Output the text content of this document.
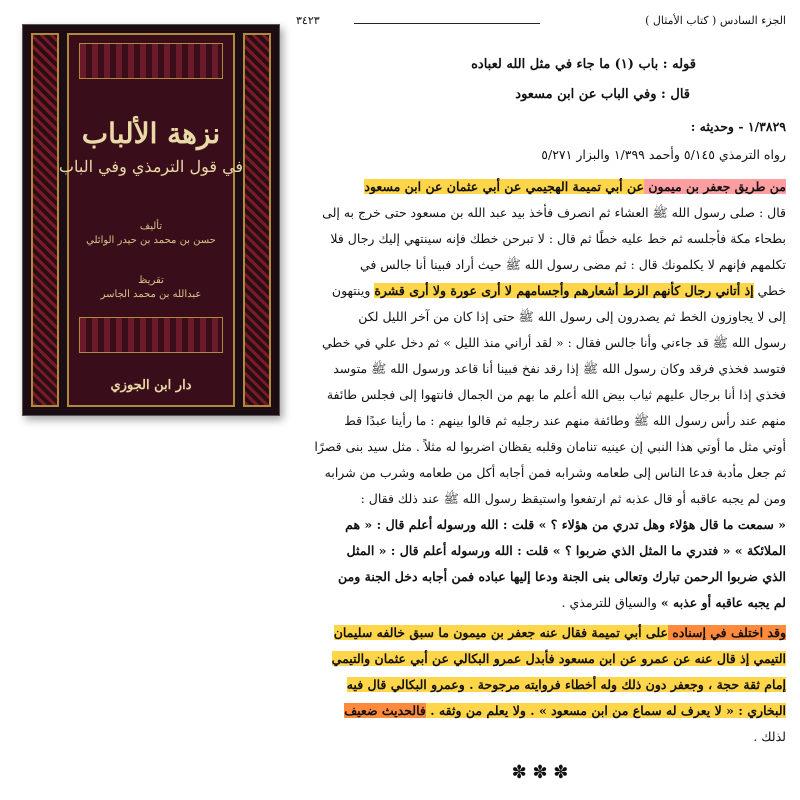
نزهة الألباب
في قول الترمذي وفي الباب
تأليف
حسن بن محمد بن حيدر الوائلي
تقريظ
عبدالله بن محمد الجاسر
دار ابن الجوزي
الجزء السادس ( كتاب الأمثال )
٣٤٢٣
قوله : باب (١) ما جاء في مثل الله لعباده
قال : وفي الباب عن ابن مسعود
١/٣٨٢٩ - وحديثه :
رواه الترمذي ٥/١٤٥ وأحمد ١/٣٩٩ والبزار ٥/٢٧١
من طريق جعفر بن ميمون عن أبي تميمة الهجيمي عن أبي عثمان عن ابن مسعود
قال : صلى رسول الله ﷺ العشاء ثم انصرف فأخذ بيد عبد الله بن مسعود حتى خرج به إلى
بطحاء مكة فأجلسه ثم خط عليه خطًا ثم قال : لا تبرحن خطك فإنه سينتهي إليك رجال فلا
تكلمهم فإنهم لا يكلمونك قال : ثم مضى رسول الله ﷺ حيث أراد فبينا أنا جالس في
خطي إذ أتاني رجال كأنهم الزط أشعارهم وأجسامهم لا أرى عورة ولا أرى قشرة وينتهون
إلى لا يجاوزون الخط ثم يصدرون إلى رسول الله ﷺ حتى إذا كان من آخر الليل لكن
رسول الله ﷺ قد جاءني وأنا جالس فقال : « لقد أراني منذ الليل » ثم دخل علي في خطي
فتوسد فخذي فرقد وكان رسول الله ﷺ إذا رقد نفخ فبينا أنا قاعد ورسول الله ﷺ متوسد
فخذي إذا أنا برجال عليهم ثياب بيض الله أعلم ما بهم من الجمال فانتهوا إلى فجلس طائفة
منهم عند رأس رسول الله ﷺ وطائفة منهم عند رجليه ثم قالوا بينهم : ما رأينا عبدًا قط
أوتي مثل ما أوتي هذا النبي إن عينيه تنامان وقلبه يقظان اضربوا له مثلاً . مثل سيد بنى قصرًا
ثم جعل مأدبة فدعا الناس إلى طعامه وشرابه فمن أجابه أكل من طعامه وشرب من شرابه
ومن لم يجبه عاقبه أو قال عذبه ثم ارتفعوا واستيقظ رسول الله ﷺ عند ذلك فقال :
« سمعت ما قال هؤلاء وهل تدري من هؤلاء ؟ » قلت : الله ورسوله أعلم قال : « هم
الملائكة » « فتدري ما المثل الذي ضربوا ؟ » قلت : الله ورسوله أعلم قال : « المثل
الذي ضربوا الرحمن تبارك وتعالى بنى الجنة ودعا إليها عباده فمن أجابه دخل الجنة ومن
لم يجبه عاقبه أو عذبه » والسياق للترمذي .
وقد اختلف في إسناده على أبي تميمة فقال عنه جعفر بن ميمون ما سبق خالفه سليمان
التيمي إذ قال عنه عن عمرو عن ابن مسعود فأبدل عمرو البكالي عن أبي عثمان والتيمي
إمام ثقة حجة ، وجعفر دون ذلك وله أخطاء فروايته مرجوحة . وعمرو البكالي قال فيه
البخاري : « لا يعرف له سماع من ابن مسعود » . ولا يعلم من وثقه . فالحديث ضعيف
لذلك .
✽ ✽ ✽
